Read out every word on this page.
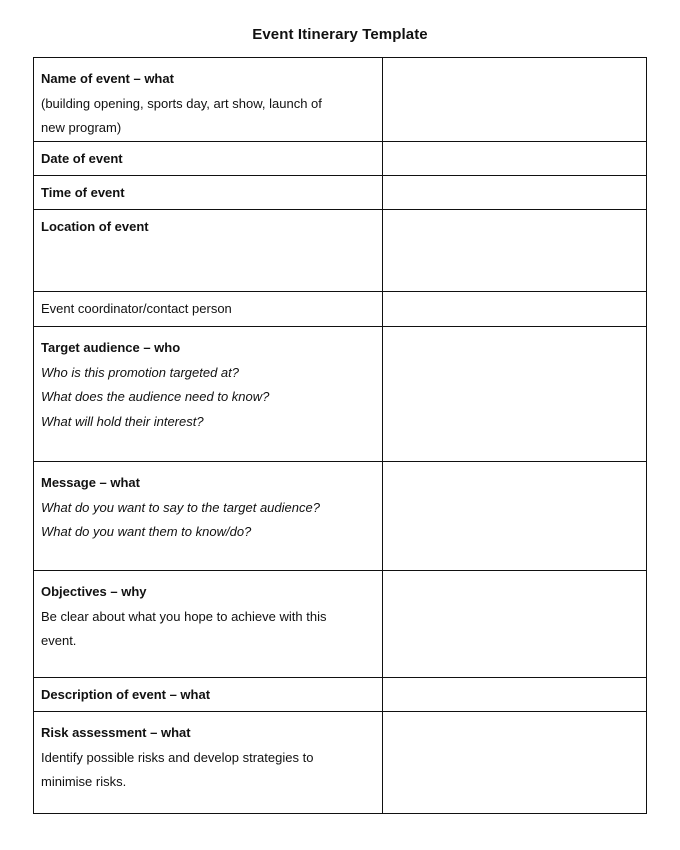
Event Itinerary Template
Name of event – what
(building opening, sports day, art show, launch of
new program)	

Date of event	

Time of event	

Location of event	

Event coordinator/contact person	

Target audience – who
Who is this promotion targeted at?
What does the audience need to know?
What will hold their interest?	

Message – what
What do you want to say to the target audience?
What do you want them to know/do?	

Objectives – why
Be clear about what you hope to achieve with this
event.	

Description of event – what	

Risk assessment – what
Identify possible risks and develop strategies to
minimise risks.	
